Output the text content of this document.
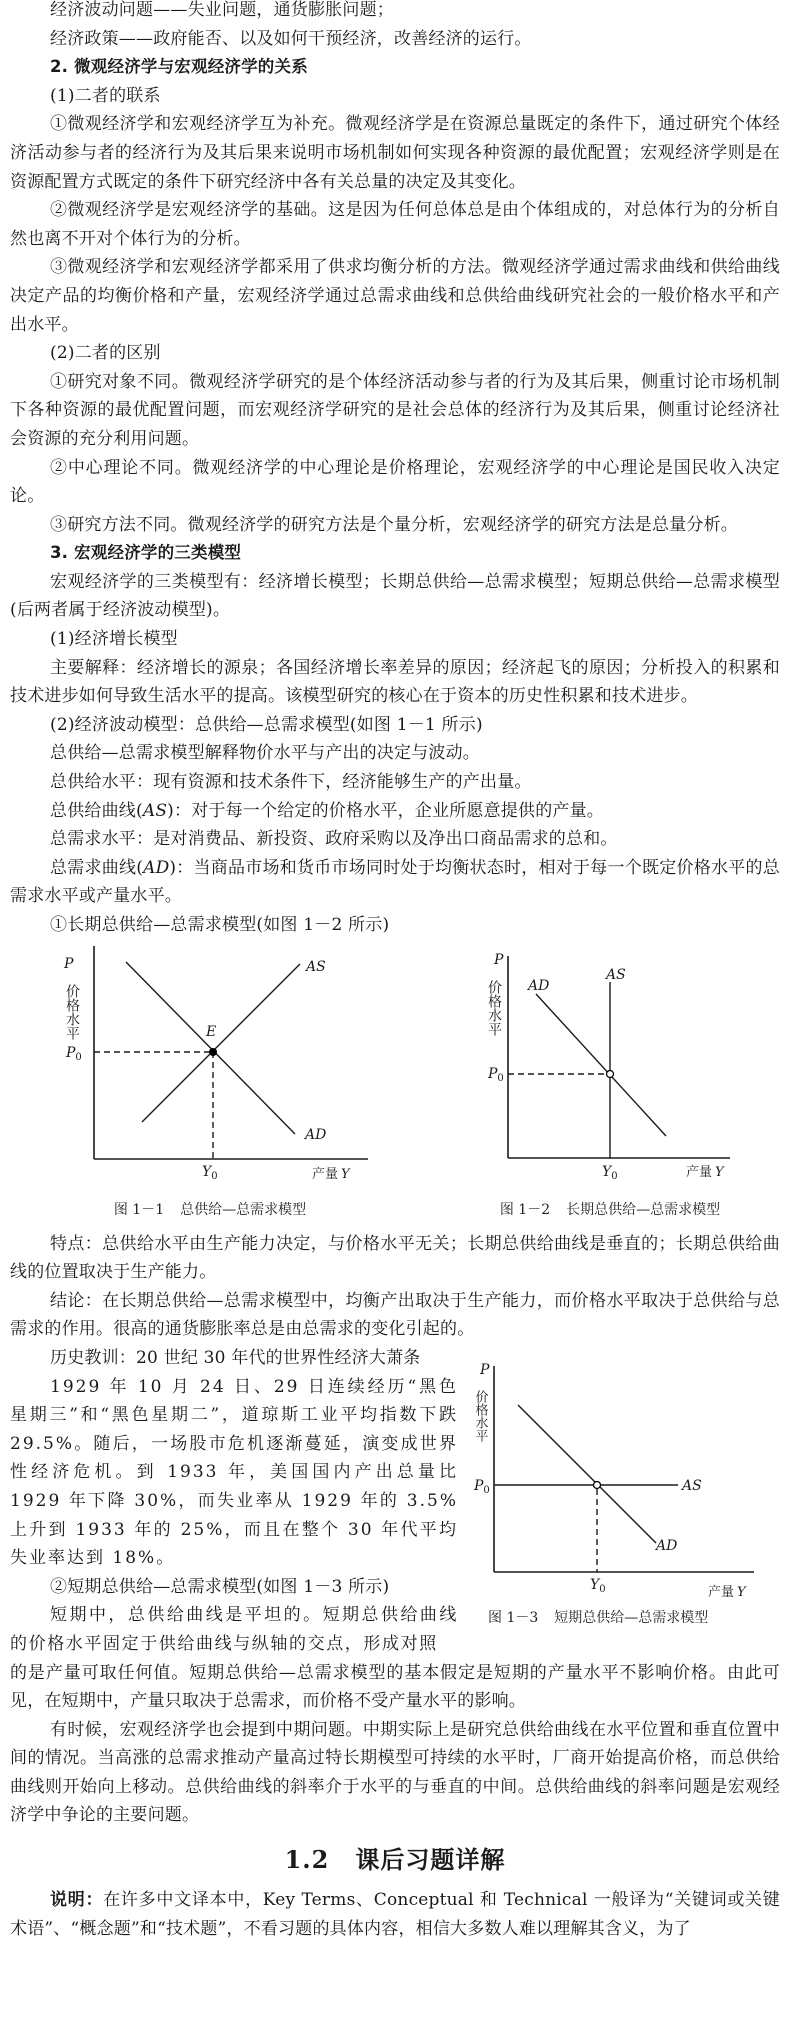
经济波动问题——失业问题，通货膨胀问题；

经济政策——政府能否、以及如何干预经济，改善经济的运行。

2. 微观经济学与宏观经济学的关系

(1)二者的联系

①微观经济学和宏观经济学互为补充。微观经济学是在资源总量既定的条件下，通过研究个体经济活动参与者的经济行为及其后果来说明市场机制如何实现各种资源的最优配置；宏观经济学则是在资源配置方式既定的条件下研究经济中各有关总量的决定及其变化。

②微观经济学是宏观经济学的基础。这是因为任何总体总是由个体组成的，对总体行为的分析自然也离不开对个体行为的分析。

③微观经济学和宏观经济学都采用了供求均衡分析的方法。微观经济学通过需求曲线和供给曲线决定产品的均衡价格和产量，宏观经济学通过总需求曲线和总供给曲线研究社会的一般价格水平和产出水平。

(2)二者的区别

①研究对象不同。微观经济学研究的是个体经济活动参与者的行为及其后果，侧重讨论市场机制下各种资源的最优配置问题，而宏观经济学研究的是社会总体的经济行为及其后果，侧重讨论经济社会资源的充分利用问题。

②中心理论不同。微观经济学的中心理论是价格理论，宏观经济学的中心理论是国民收入决定论。

③研究方法不同。微观经济学的研究方法是个量分析，宏观经济学的研究方法是总量分析。

3. 宏观经济学的三类模型

宏观经济学的三类模型有：经济增长模型；长期总供给—总需求模型；短期总供给—总需求模型(后两者属于经济波动模型)。

(1)经济增长模型

主要解释：经济增长的源泉；各国经济增长率差异的原因；经济起飞的原因；分析投入的积累和技术进步如何导致生活水平的提高。该模型研究的核心在于资本的历史性积累和技术进步。

(2)经济波动模型：总供给—总需求模型(如图 1－1 所示)

总供给—总需求模型解释物价水平与产出的决定与波动。

总供给水平：现有资源和技术条件下，经济能够生产的产出量。

总供给曲线(AS)：对于每一个给定的价格水平，企业所愿意提供的产量。

总需求水平：是对消费品、新投资、政府采购以及净出口商品需求的总和。

总需求曲线(AD)：当商品市场和货币市场同时处于均衡状态时，相对于每一个既定价格水平的总需求水平或产量水平。

①长期总供给—总需求模型(如图 1－2 所示)

P
价格水平	E
AS
AD
$P_0$
$Y_0$	产量 Y
图 1－1 总供给—总需求模型
P
价格水平
AS
AD
$P_0$
$Y_0$	产量 Y
图 1－2 长期总供给—总需求模型

特点：总供给水平由生产能力决定，与价格水平无关；长期总供给曲线是垂直的；长期总供给曲线的位置取决于生产能力。

结论：在长期总供给—总需求模型中，均衡产出取决于生产能力，而价格水平取决于总供给与总需求的作用。很高的通货膨胀率总是由总需求的变化引起的。

历史教训：20 世纪 30 年代的世界性经济大萧条

1929 年 10 月 24 日、29 日连续经历“黑色星期三”和“黑色星期二”，道琼斯工业平均指数下跌 29.5%。随后，一场股市危机逐渐蔓延，演变成世界性经济危机。到 1933 年，美国国内产出总量比 1929 年下降 30%，而失业率从 1929 年的 3.5% 上升到 1933 年的 25%，而且在整个 30 年代平均失业率达到 18%。

②短期总供给—总需求模型(如图 1－3 所示)

短期中，总供给曲线是平坦的。短期总供给曲线的价格水平固定于供给曲线与纵轴的交点，形成对照

P
价格水平
AS
AD
$P_0$
$Y_0$	产量 Y
图 1－3 短期总供给—总需求模型

的是产量可取任何值。短期总供给—总需求模型的基本假定是短期的产量水平不影响价格。由此可见，在短期中，产量只取决于总需求，而价格不受产量水平的影响。

有时候，宏观经济学也会提到中期问题。中期实际上是研究总供给曲线在水平位置和垂直位置中间的情况。当高涨的总需求推动产量高过特长期模型可持续的水平时，厂商开始提高价格，而总供给曲线则开始向上移动。总供给曲线的斜率介于水平的与垂直的中间。总供给曲线的斜率问题是宏观经济学中争论的主要问题。

1.2 课后习题详解

说明：在许多中文译本中，Key Terms、Conceptual 和 Technical 一般译为“关键词或关键术语”、“概念题”和“技术题”，不看习题的具体内容，相信大多数人难以理解其含义，为了
